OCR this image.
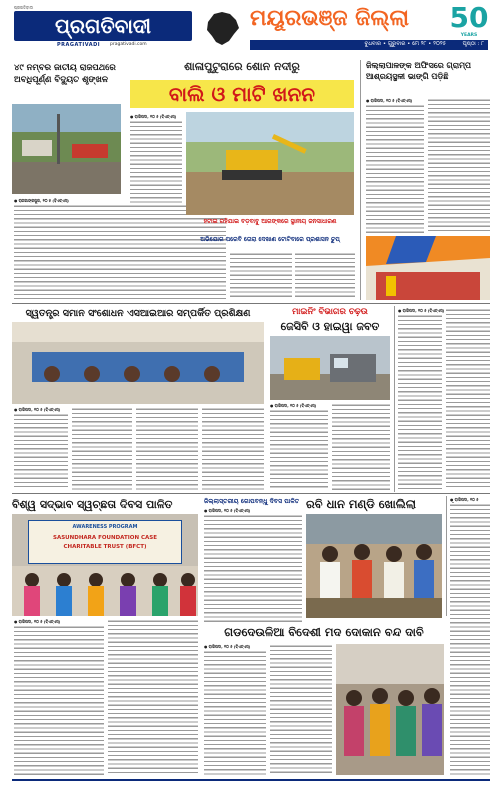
ପ୍ରଗତିବାଦୀ
ପ୍ରଗତିବାଦୀ
PRAGATIVADI pragativadi.com
ମୟୂରଭଞ୍ଜ ଜିଲ୍ଲା
ବୁଧବାର • ଗୁରୁବାର • ମେ ୨୮ • ୨୦୨୫	ପୃଷ୍ଠା : ୮
50
YEARS
୪୯ ନମ୍ବର ଜାତୀୟ ରାଜପଥରେ ଅବଧିପୂର୍ଣ୍ଣ ବିଦ୍ୟୁତ ଶୃଙ୍ଖଳ
● ରାଜଗାଙ୍ଗପୁର, ୧୦ ୫ (ବିଏଚ୍‌ଏସ୍‌)
ଶାଳାପୁଟୁରାରେ ଶୋନ ନଦୀରୁ
ବାଲି ଓ ମାଟି ଖନନ
● ବାରିପଦା, ୧୦ ୫ (ବିଏଚ୍‌ଏସ୍‌)
ହଟାଇ ରହିଯାଇ ବଡ଼ବାବୁ ଆଗଙ୍କରେ ସ୍ଥାନୀୟ ଜନସାଧାରଣ
ଅଭିଯୋଗ ପରେବି ତୋରା ଦେଖାଣ ଟୋଟିବାରେ ପ୍ରଶାସନ ଚୁପ୍
ଜିଲ୍ଲାପାଳଙ୍କ ଅଫିସରେ ଗ୍ରାମ୍ପ ଆଶ୍ରୟସ୍ଥଳୀ ଭାଙ୍ଗି ପଡ଼ିଛି
● ବାରିପଦା, ୧୦ ୫ (ବିଏଚ୍‌ଏସ୍‌)
ସ୍ୱତନ୍ତ୍ର ସମାନ ସଂଶୋଧନ ଏସଆଇଆର ସମ୍ପର୍କିତ ପ୍ରଶିକ୍ଷଣ
● ବାରିପଦା, ୧୦ ୫ (ବିଏଚ୍‌ଏସ୍‌)
ମାଇନିଂ ବିଭାଗର ଚଢ଼ଉ
ଜେସିବି ଓ ହାଇୱା ଜବତ
● ବାରିପଦା, ୧୦ ୫ (ବିଏଚ୍‌ଏସ୍‌)
● ବାରିପଦା, ୧୦ ୫ (ବିଏଚ୍‌ଏସ୍‌)
ବିଶ୍ୱ ସଦ୍ଭାବ ସ୍ୱଚ୍ଛତା ଦିବସ ପାଳିତ
AWARENESS PROGRAM
SASUNDHARA FOUNDATION CASE
CHARITABLE TRUST (BFCT)
● ବାରିପଦା, ୧୦ ୫ (ବିଏଚ୍‌ଏସ୍‌)
ଜିଲ୍ଲାସ୍ତରୀୟ ଗୋପବନ୍ଧୁ ଦିବସ ପାଳିତ
● ବାରିପଦା, ୧୦ ୫ (ବିଏଚ୍‌ଏସ୍‌)	ରବି ଧାନ ମଣ୍ଡି ଖୋଲିଲା	● ବାରିପଦା, ୧୦ ୫
ଗଡଦେଉଳିଆ ବିଦେଶୀ ମଦ ଦୋକାନ ବନ୍ଦ ଦାବି
● ବାରିପଦା, ୧୦ ୫ (ବିଏଚ୍‌ଏସ୍‌)
